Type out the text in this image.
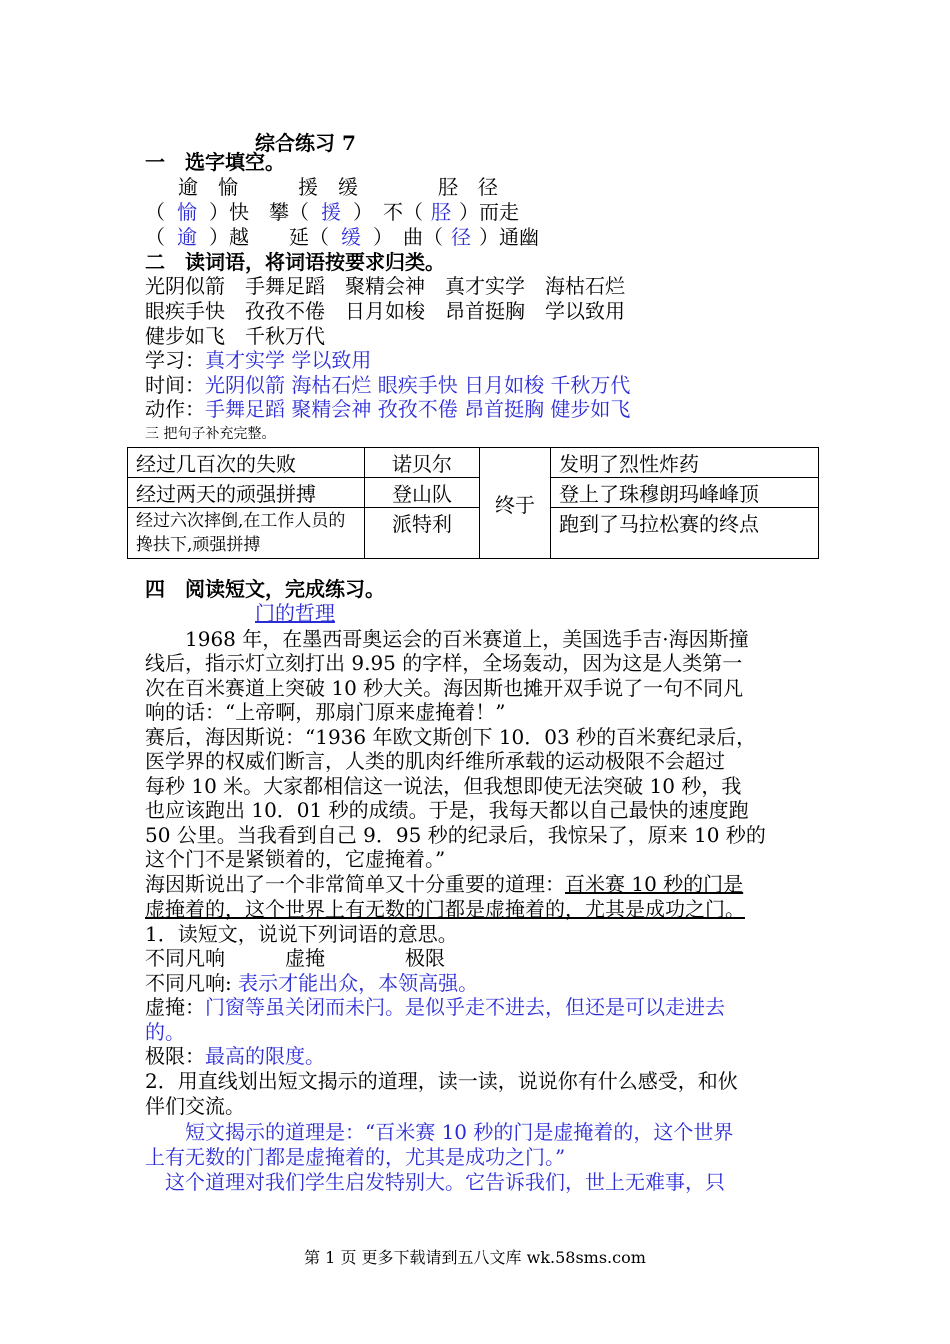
综合练习 7
一　选字填空。
逾　愉　　　援　缓　　　　胫　径
（ 愉 ）快　攀（ 援 ）　不（ 胫 ）而走
（ 逾 ）越　　延（ 缓 ）　曲（ 径 ）通幽
二　读词语，将词语按要求归类。
光阴似箭　手舞足蹈　聚精会神　真才实学　海枯石烂
眼疾手快　孜孜不倦　日月如梭　昂首挺胸　学以致用
健步如飞　千秋万代
学习：真才实学 学以致用
时间：光阴似箭 海枯石烂 眼疾手快 日月如梭 千秋万代
动作：手舞足蹈 聚精会神 孜孜不倦 昂首挺胸 健步如飞
三 把句子补充完整。
经过几百次的失败	诺贝尔	终于	发明了烈性炸药
经过两天的顽强拼搏	登山队		登上了珠穆朗玛峰峰顶
经过六次摔倒,在工作人员的搀扶下,顽强拼搏	派特利		跑到了马拉松赛的终点
四　阅读短文，完成练习。
门的哲理
　　1968 年，在墨西哥奥运会的百米赛道上，美国选手吉·海因斯撞
线后，指示灯立刻打出 9.95 的字样，全场轰动，因为这是人类第一
次在百米赛道上突破 10 秒大关。海因斯也摊开双手说了一句不同凡
响的话：“上帝啊，那扇门原来虚掩着！”
赛后，海因斯说：“1936 年欧文斯创下 10．03 秒的百米赛纪录后，
医学界的权威们断言，人类的肌肉纤维所承载的运动极限不会超过
每秒 10 米。大家都相信这一说法，但我想即使无法突破 10 秒，我
也应该跑出 10．01 秒的成绩。于是，我每天都以自己最快的速度跑
50 公里。当我看到自己 9．95 秒的纪录后，我惊呆了，原来 10 秒的
这个门不是紧锁着的，它虚掩着。”
海因斯说出了一个非常简单又十分重要的道理：百米赛 10 秒的门是
虚掩着的，这个世界上有无数的门都是虚掩着的，尤其是成功之门。
1．读短文，说说下列词语的意思。
不同凡响　　　虚掩　　　　极限
不同凡响: 表示才能出众，本领高强。
虚掩：门窗等虽关闭而未闩。是似乎走不进去，但还是可以走进去
的。
极限：最高的限度。
2．用直线划出短文揭示的道理，读一读，说说你有什么感受，和伙
伴们交流。
　　短文揭示的道理是：“百米赛 10 秒的门是虚掩着的，这个世界
上有无数的门都是虚掩着的，尤其是成功之门。”
　这个道理对我们学生启发特别大。它告诉我们，世上无难事，只
第 1 页 更多下载请到五八文库 wk.58sms.com
